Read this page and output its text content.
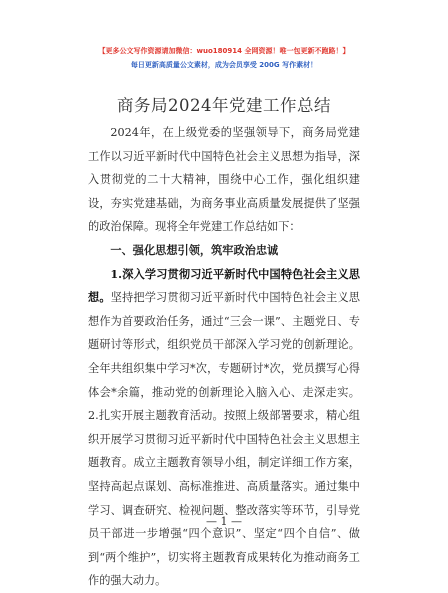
【更多公文写作资源请加微信：wuo180914 全网资源！唯一包更新不跑路！】
每日更新高质量公文素材，成为会员享受 200G 写作素材！
商务局2024年党建工作总结

2024年，在上级党委的坚强领导下，商务局党建工作以习近平新时代中国特色社会主义思想为指导，深入贯彻党的二十大精神，围绕中心工作，强化组织建设，夯实党建基础，为商务事业高质量发展提供了坚强的政治保障。现将全年党建工作总结如下：

一、强化思想引领，筑牢政治忠诚

1.深入学习贯彻习近平新时代中国特色社会主义思想。坚持把学习贯彻习近平新时代中国特色社会主义思想作为首要政治任务，通过“三会一课”、主题党日、专题研讨等形式，组织党员干部深入学习党的创新理论。全年共组织集中学习*次，专题研讨*次，党员撰写心得体会*余篇，推动党的创新理论入脑入心、走深走实。2.扎实开展主题教育活动。按照上级部署要求，精心组织开展学习贯彻习近平新时代中国特色社会主义思想主题教育。成立主题教育领导小组，制定详细工作方案，坚持高起点谋划、高标准推进、高质量落实。通过集中学习、调查研究、检视问题、整改落实等环节，引导党员干部进一步增强“四个意识”、坚定“四个自信”、做到“两个维护”，切实将主题教育成果转化为推动商务工作的强大动力。

— 1 —
